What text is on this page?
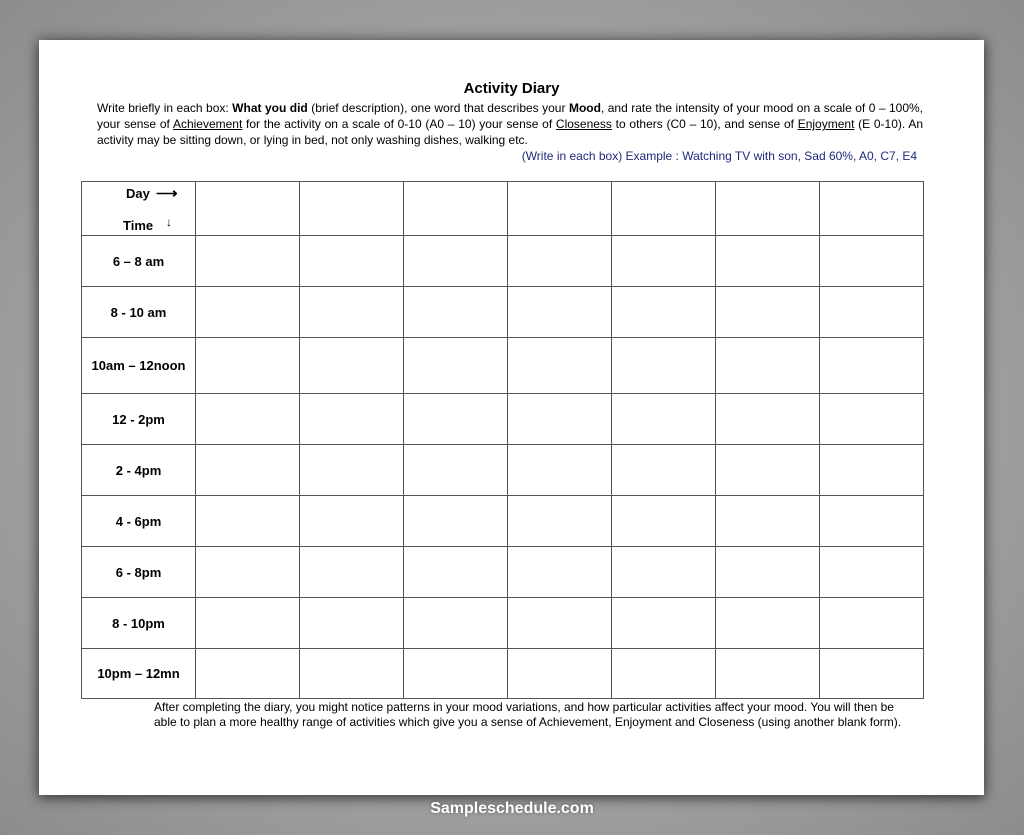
Activity Diary
Write briefly in each box: What you did (brief description), one word that describes your Mood, and rate the intensity of your mood on a scale of 0 – 100%, your sense of Achievement for the activity on a scale of 0-10 (A0 – 10) your sense of Closeness to others (C0 – 10), and sense of Enjoyment (E 0-10). An activity may be sitting down, or lying in bed, not only washing dishes, walking etc.
(Write in each box) Example : Watching TV with son, Sad 60%, A0, C7, E4
Day ⟶
Time ↓							

6 – 8 am							
8 - 10 am							
10am – 12noon							
12 - 2pm							
2 - 4pm							
4 - 6pm							
6 - 8pm							
8 - 10pm							
10pm – 12mn							
After completing the diary, you might notice patterns in your mood variations, and how particular activities affect your mood. You will then be able to plan a more healthy range of activities which give you a sense of Achievement, Enjoyment and Closeness (using another blank form).
Sampleschedule.com
